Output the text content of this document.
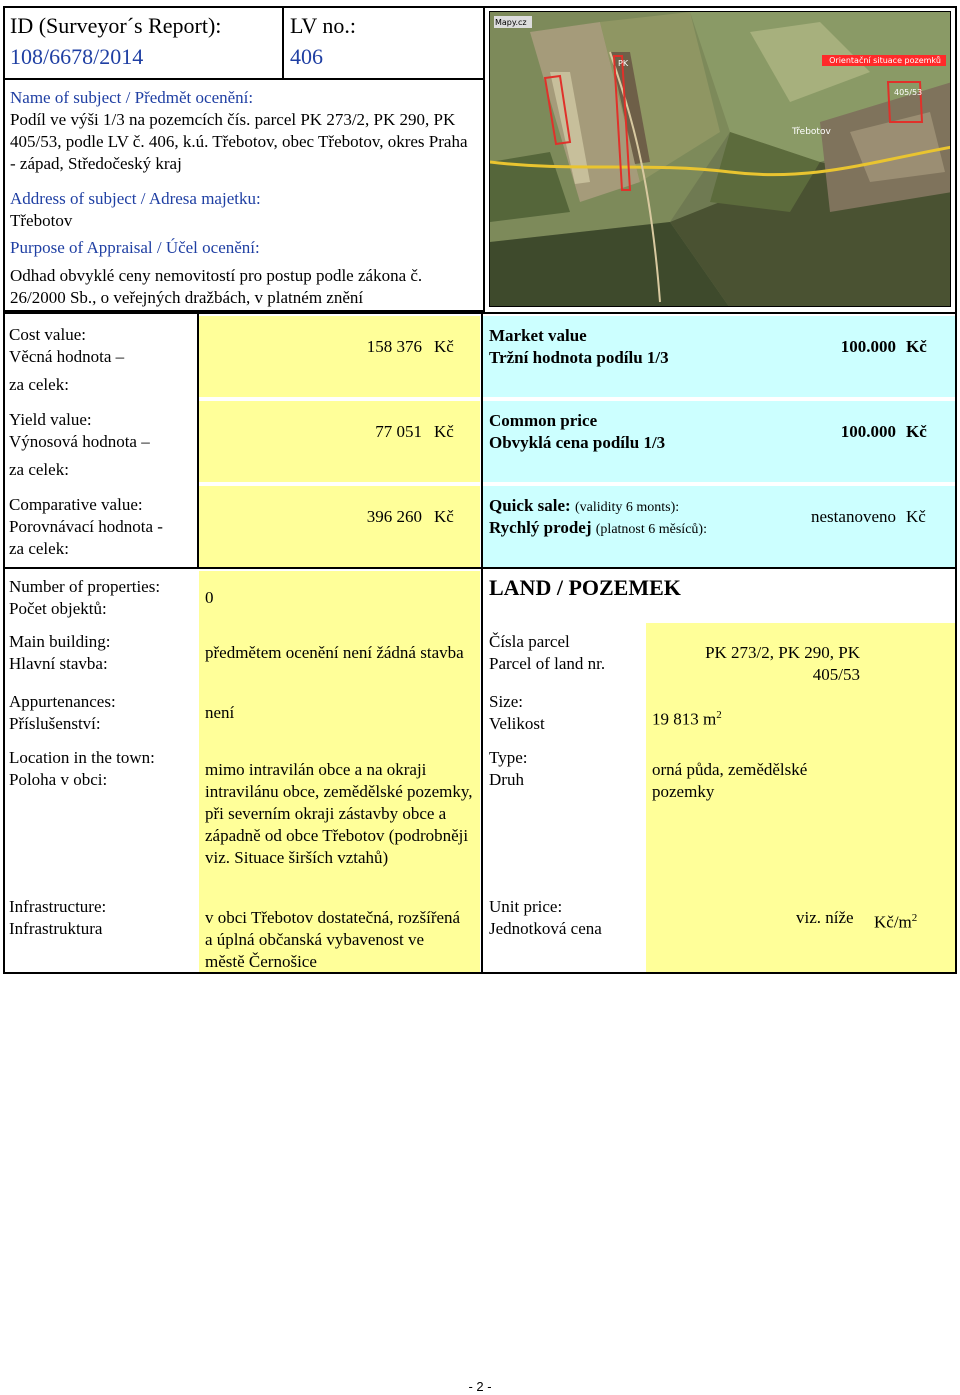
ID (Surveyor´s Report):
108/6678/2014
LV no.:
406
Name of subject / Předmět ocenění:
Podíl ve výši 1/3 na pozemcích čís. parcel PK 273/2, PK 290, PK 405/53, podle LV č. 406, k.ú. Třebotov, obec Třebotov, okres Praha - západ, Středočeský kraj
Address of subject / Adresa majetku:
Třebotov
Purpose of Appraisal / Účel ocenění:
Odhad obvyklé ceny nemovitostí pro postup podle zákona č. 26/2000 Sb., o veřejných dražbách, v platném znění
Mapy.cz
Orientační situace pozemků
PK
405/53
Třebotov
Cost value:
Věcná hodnota –
za celek:
158 376 Kč
Yield value:
Výnosová hodnota –
za celek:
77 051 Kč
Comparative value:
Porovnávací hodnota -
za celek:
396 260 Kč
Market value
Tržní hodnota podílu 1/3
100.000 Kč
Common price
Obvyklá cena podílu 1/3
100.000 Kč
Quick sale: (validity 6 monts):
Rychlý prodej (platnost 6 měsíců):
nestanoveno Kč
Number of properties:
Počet objektů:
0
Main building:
Hlavní stavba:
předmětem ocenění není žádná stavba
Appurtenances:
Příslušenství:
není
Location in the town:
Poloha v obci:
mimo intravilán obce a na okraji intravilánu obce, zemědělské pozemky, při severním okraji zástavby obce a západně od obce Třebotov (podrobněji viz. Situace širších vztahů)
Infrastructure:
Infrastruktura
v obci Třebotov dostatečná, rozšířená a úplná občanská vybavenost ve městě Černošice
LAND / POZEMEK
Čísla parcel
Parcel of land nr.
PK 273/2, PK 290, PK 405/53
Size:
Velikost	19 813 $m^2$
Type:
Druh
orná půda, zemědělské pozemky
Unit price:
Jednotková cena
viz. níže $Kč/m^2$
- 2 -
